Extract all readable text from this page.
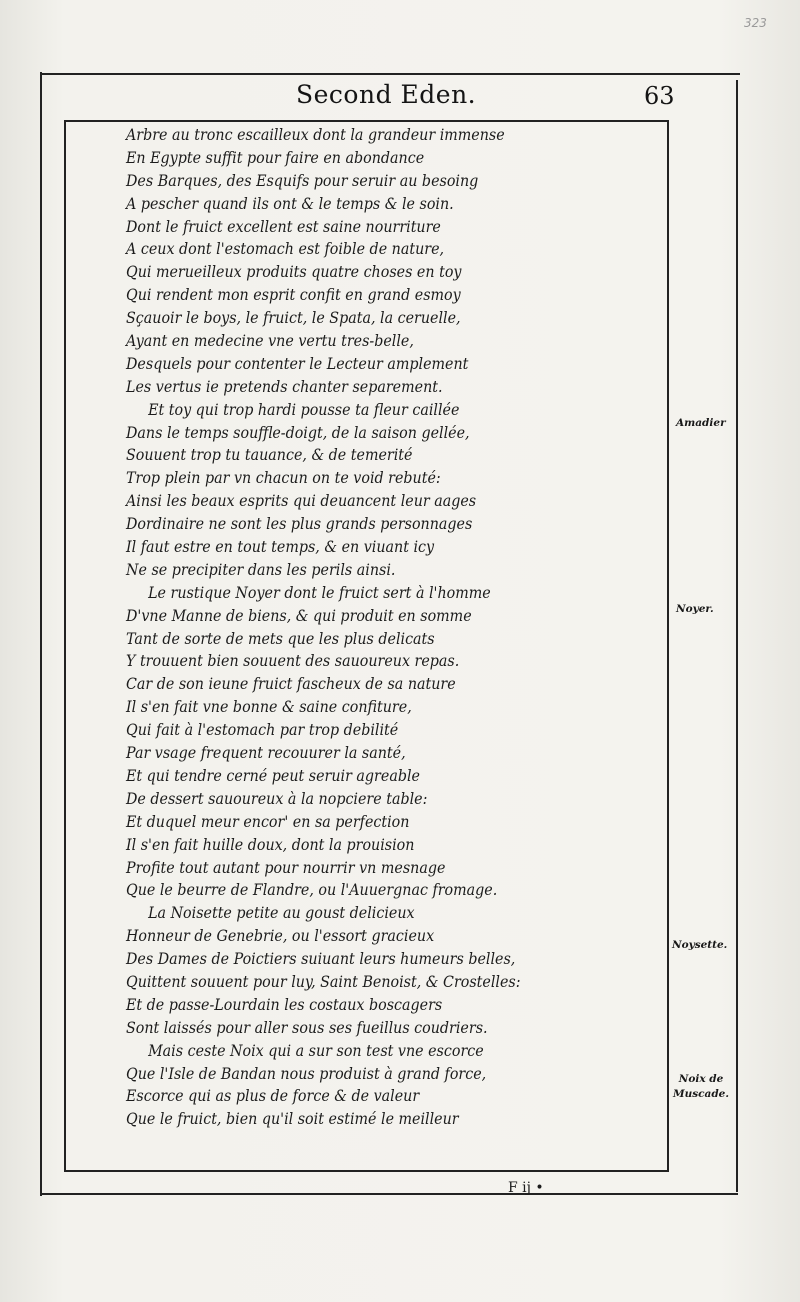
323
Second Eden.	63
Arbre au tronc escailleux dont la grandeur immense
En Egypte suffit pour faire en abondance
Des Barques, des Esquifs pour seruir au besoing
A pescher quand ils ont & le temps & le soin.
Dont le fruict excellent est saine nourriture
A ceux dont l'estomach est foible de nature,
Qui merueilleux produits quatre choses en toy
Qui rendent mon esprit confit en grand esmoy
Sçauoir le boys, le fruict, le Spata, la ceruelle,
Ayant en medecine vne vertu tres-belle,
Desquels pour contenter le Lecteur amplement
Les vertus ie pretends chanter separement.
Et toy qui trop hardi pousse ta fleur caillée
Dans le temps souffle-doigt, de la saison gellée,
Souuent trop tu tauance, & de temerité
Trop plein par vn chacun on te void rebuté:
Ainsi les beaux esprits qui deuancent leur aages
Dordinaire ne sont les plus grands personnages
Il faut estre en tout temps, & en viuant icy
Ne se precipiter dans les perils ainsi.
Le rustique Noyer dont le fruict sert à l'homme
D'vne Manne de biens, & qui produit en somme
Tant de sorte de mets que les plus delicats
Y trouuent bien souuent des sauoureux repas.
Car de son ieune fruict fascheux de sa nature
Il s'en fait vne bonne & saine confiture,
Qui fait à l'estomach par trop debilité
Par vsage frequent recouurer la santé,
Et qui tendre cerné peut seruir agreable
De dessert sauoureux à la nopciere table:
Et duquel meur encor' en sa perfection
Il s'en fait huille doux, dont la prouision
Profite tout autant pour nourrir vn mesnage
Que le beurre de Flandre, ou l'Auuergnac fromage.
La Noisette petite au goust delicieux
Honneur de Genebrie, ou l'essort gracieux
Des Dames de Poictiers suiuant leurs humeurs belles,
Quittent souuent pour luy, Saint Benoist, & Crostelles:
Et de passe-Lourdain les costaux boscagers
Sont laissés pour aller sous ses fueillus coudriers.
Mais ceste Noix qui a sur son test vne escorce
Que l'Isle de Bandan nous produist à grand force,
Escorce qui as plus de force & de valeur
Que le fruict, bien qu'il soit estimé le meilleur
Amadier
Noyer.
Noysette.
Noix de
Muscade.
F ij •
